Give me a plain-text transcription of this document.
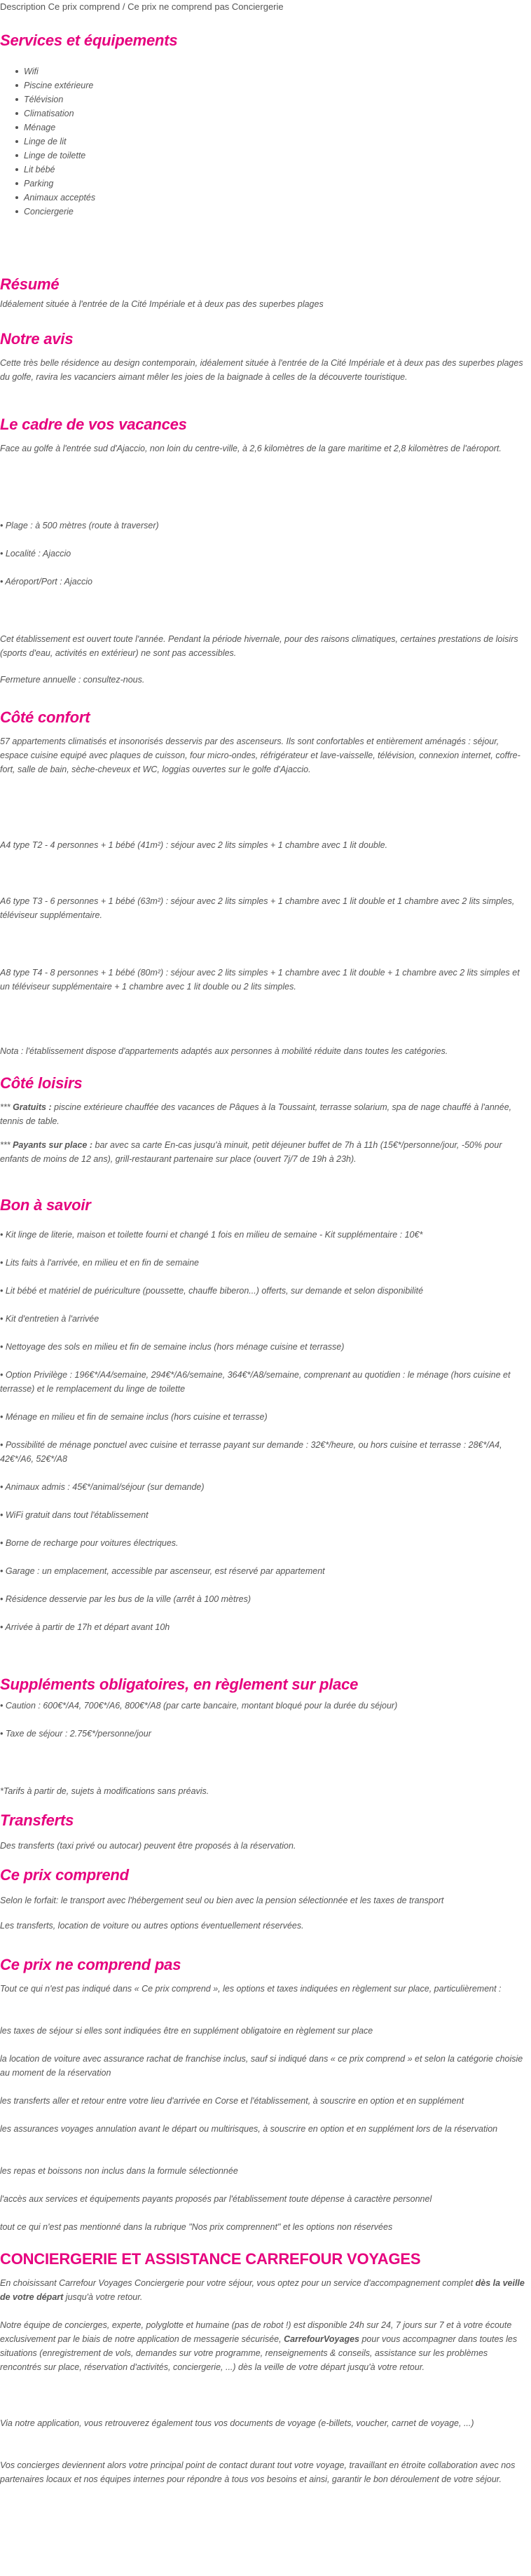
Description Ce prix comprend / Ce prix ne comprend pas Conciergerie

Services et équipements
Wifi
Piscine extérieure
Télévision
Climatisation
Ménage
Linge de lit
Linge de toilette
Lit bébé
Parking
Animaux acceptés
Conciergerie
Résumé

Idéalement située à l'entrée de la Cité Impériale et à deux pas des superbes plages

Notre avis

Cette très belle résidence au design contemporain, idéalement située à l'entrée de la Cité Impériale et à deux pas des superbes plages du golfe, ravira les vacanciers aimant mêler les joies de la baignade à celles de la découverte touristique.

Le cadre de vos vacances

Face au golfe à l'entrée sud d'Ajaccio, non loin du centre-ville, à 2,6 kilomètres de la gare maritime et 2,8 kilomètres de l'aéroport.

• Plage : à 500 mètres (route à traverser)

• Localité : Ajaccio

• Aéroport/Port : Ajaccio

Cet établissement est ouvert toute l'année. Pendant la période hivernale, pour des raisons climatiques, certaines prestations de loisirs (sports d'eau, activités en extérieur) ne sont pas accessibles.

Fermeture annuelle : consultez-nous.

Côté confort

57 appartements climatisés et insonorisés desservis par des ascenseurs. Ils sont confortables et entièrement aménagés : séjour, espace cuisine equipé avec plaques de cuisson, four micro-ondes, réfrigérateur et lave-vaisselle, télévision, connexion internet, coffre-fort, salle de bain, sèche-cheveux et WC, loggias ouvertes sur le golfe d'Ajaccio.

A4 type T2 - 4 personnes + 1 bébé (41m²) : séjour avec 2 lits simples + 1 chambre avec 1 lit double.

A6 type T3 - 6 personnes + 1 bébé (63m²) : séjour avec 2 lits simples + 1 chambre avec 1 lit double et 1 chambre avec 2 lits simples, téléviseur supplémentaire.

A8 type T4 - 8 personnes + 1 bébé (80m²) : séjour avec 2 lits simples + 1 chambre avec 1 lit double + 1 chambre avec 2 lits simples et un téléviseur supplémentaire + 1 chambre avec 1 lit double ou 2 lits simples.

Nota : l'établissement dispose d'appartements adaptés aux personnes à mobilité réduite dans toutes les catégories.

Côté loisirs

*** Gratuits : piscine extérieure chauffée des vacances de Pâques à la Toussaint, terrasse solarium, spa de nage chauffé à l'année, tennis de table.

*** Payants sur place : bar avec sa carte En-cas jusqu'à minuit, petit déjeuner buffet de 7h à 11h (15€*/personne/jour, -50% pour enfants de moins de 12 ans), grill-restaurant partenaire sur place (ouvert 7j/7 de 19h à 23h).

Bon à savoir

• Kit linge de literie, maison et toilette fourni et changé 1 fois en milieu de semaine - Kit supplémentaire : 10€*

• Lits faits à l'arrivée, en milieu et en fin de semaine

• Lit bébé et matériel de puériculture (poussette, chauffe biberon...) offerts, sur demande et selon disponibilité

• Kit d'entretien à l'arrivée

• Nettoyage des sols en milieu et fin de semaine inclus (hors ménage cuisine et terrasse)

• Option Privilège : 196€*/A4/semaine, 294€*/A6/semaine, 364€*/A8/semaine, comprenant au quotidien : le ménage (hors cuisine et terrasse) et le remplacement du linge de toilette

• Ménage en milieu et fin de semaine inclus (hors cuisine et terrasse)

• Possibilité de ménage ponctuel avec cuisine et terrasse payant sur demande : 32€*/heure, ou hors cuisine et terrasse : 28€*/A4, 42€*/A6, 52€*/A8

• Animaux admis : 45€*/animal/séjour (sur demande)

• WiFi gratuit dans tout l'établissement

• Borne de recharge pour voitures électriques.

• Garage : un emplacement, accessible par ascenseur, est réservé par appartement

• Résidence desservie par les bus de la ville (arrêt à 100 mètres)

• Arrivée à partir de 17h et départ avant 10h

Suppléments obligatoires, en règlement sur place

• Caution : 600€*/A4, 700€*/A6, 800€*/A8 (par carte bancaire, montant bloqué pour la durée du séjour)

• Taxe de séjour : 2.75€*/personne/jour

*Tarifs à partir de, sujets à modifications sans préavis.

Transferts

Des transferts (taxi privé ou autocar) peuvent être proposés à la réservation.

Ce prix comprend

Selon le forfait: le transport avec l'hébergement seul ou bien avec la pension sélectionnée et les taxes de transport

Les transferts, location de voiture ou autres options éventuellement réservées.

Ce prix ne comprend pas

Tout ce qui n'est pas indiqué dans « Ce prix comprend », les options et taxes indiquées en règlement sur place, particulièrement :

les taxes de séjour si elles sont indiquées être en supplément obligatoire en règlement sur place

la location de voiture avec assurance rachat de franchise inclus, sauf si indiqué dans « ce prix comprend » et selon la catégorie choisie au moment de la réservation

les transferts aller et retour entre votre lieu d'arrivée en Corse et l'établissement, à souscrire en option et en supplément

les assurances voyages annulation avant le départ ou multirisques, à souscrire en option et en supplément lors de la réservation

les repas et boissons non inclus dans la formule sélectionnée

l'accès aux services et équipements payants proposés par l'établissement toute dépense à caractère personnel

tout ce qui n'est pas mentionné dans la rubrique "Nos prix comprennent" et les options non réservées

CONCIERGERIE ET ASSISTANCE CARREFOUR VOYAGES

En choisissant Carrefour Voyages Conciergerie pour votre séjour, vous optez pour un service d'accompagnement complet dès la veille de votre départ jusqu'à votre retour.

Notre équipe de concierges, experte, polyglotte et humaine (pas de robot !) est disponible 24h sur 24, 7 jours sur 7 et à votre écoute exclusivement par le biais de notre application de messagerie sécurisée, CarrefourVoyages pour vous accompagner dans toutes les situations (enregistrement de vols, demandes sur votre programme, renseignements & conseils, assistance sur les problèmes rencontrés sur place, réservation d'activités, conciergerie, ...) dès la veille de votre départ jusqu'à votre retour.

Via notre application, vous retrouverez également tous vos documents de voyage (e-billets, voucher, carnet de voyage, ...)

Vos concierges deviennent alors votre principal point de contact durant tout votre voyage, travaillant en étroite collaboration avec nos partenaires locaux et nos équipes internes pour répondre à tous vos besoins et ainsi, garantir le bon déroulement de votre séjour.
